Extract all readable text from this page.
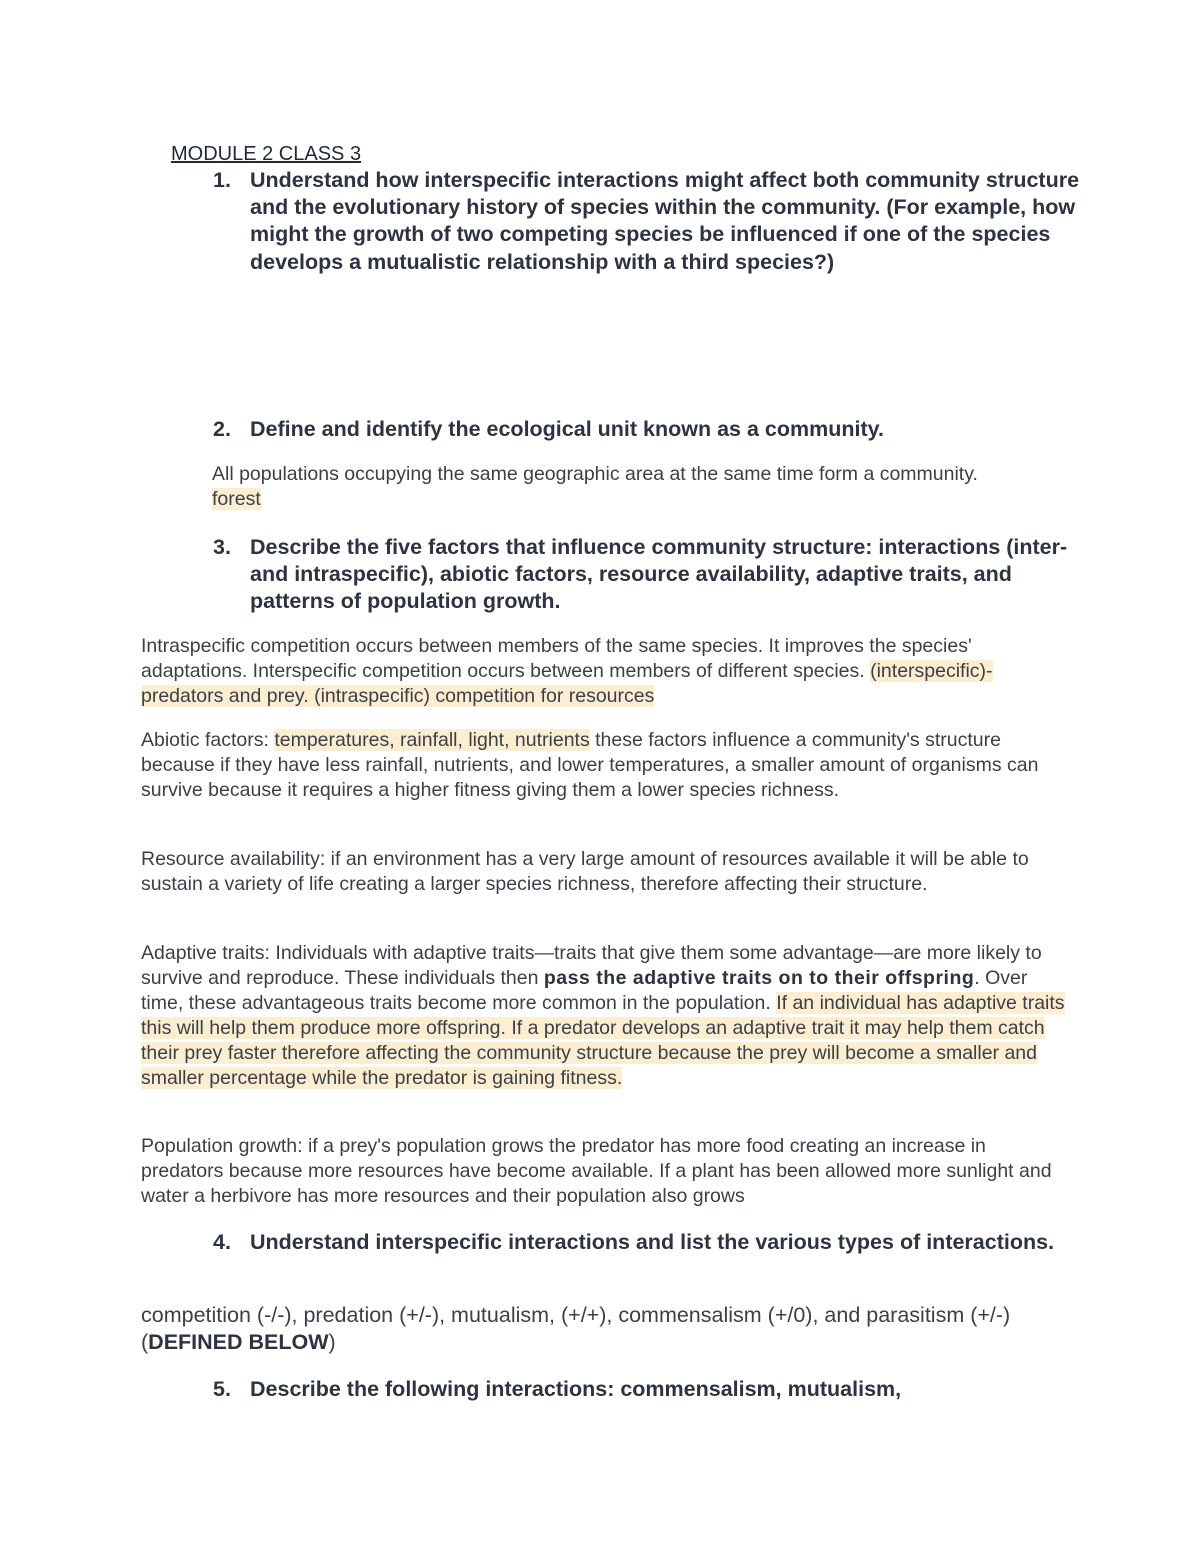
MODULE 2 CLASS 3

1. Understand how interspecific interactions might affect both community structure and the evolutionary history of species within the community. (For example, how might the growth of two competing species be influenced if one of the species develops a mutualistic relationship with a third species?)

2. Define and identify the ecological unit known as a community.

All populations occupying the same geographic area at the same time form a community.
forest

3. Describe the five factors that influence community structure: interactions (inter- and intraspecific), abiotic factors, resource availability, adaptive traits, and patterns of population growth.

Intraspecific competition occurs between members of the same species. It improves the species' adaptations. Interspecific competition occurs between members of different species. (interspecific)-predators and prey. (intraspecific) competition for resources

Abiotic factors: temperatures, rainfall, light, nutrients these factors influence a community's structure because if they have less rainfall, nutrients, and lower temperatures, a smaller amount of organisms can survive because it requires a higher fitness giving them a lower species richness.

Resource availability: if an environment has a very large amount of resources available it will be able to sustain a variety of life creating a larger species richness, therefore affecting their structure.

Adaptive traits: Individuals with adaptive traits—traits that give them some advantage—are more likely to survive and reproduce. These individuals then pass the adaptive traits on to their offspring. Over time, these advantageous traits become more common in the population. If an individual has adaptive traits this will help them produce more offspring. If a predator develops an adaptive trait it may help them catch their prey faster therefore affecting the community structure because the prey will become a smaller and smaller percentage while the predator is gaining fitness.

Population growth: if a prey's population grows the predator has more food creating an increase in predators because more resources have become available. If a plant has been allowed more sunlight and water a herbivore has more resources and their population also grows

4. Understand interspecific interactions and list the various types of interactions.

competition (-/-), predation (+/-), mutualism, (+/+), commensalism (+/0), and parasitism (+/-) (DEFINED BELOW)

5. Describe the following interactions: commensalism, mutualism,
